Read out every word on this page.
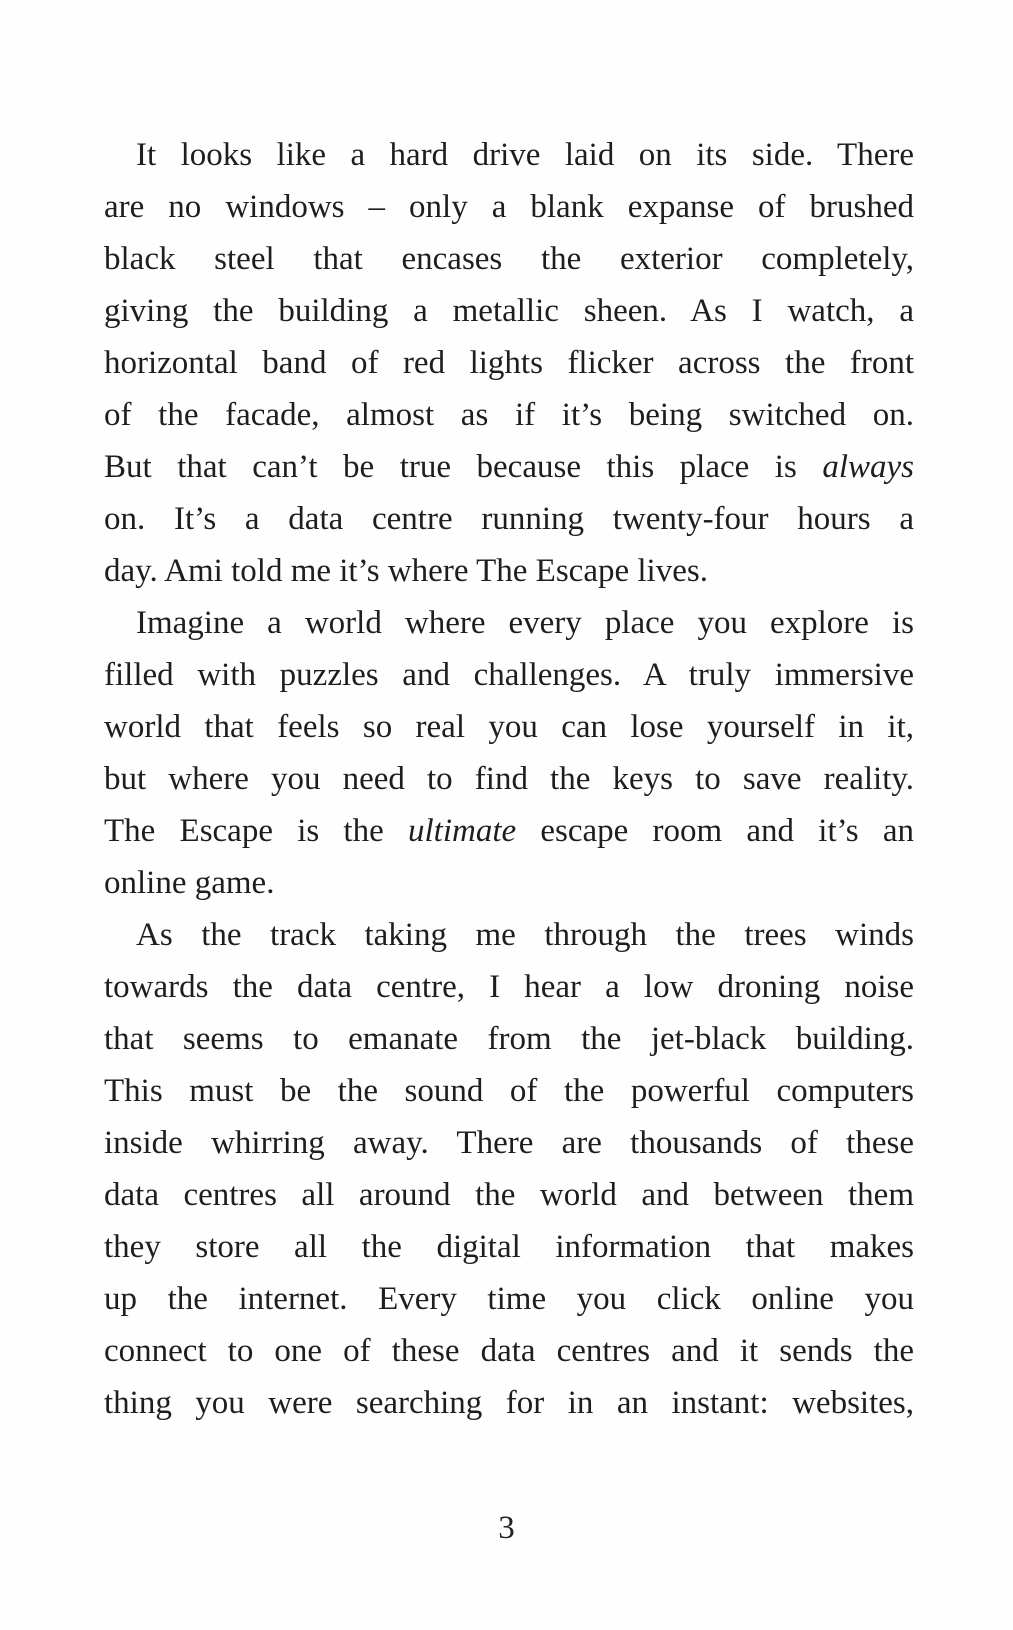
It looks like a hard drive laid on its side. There
are no windows – only a blank expanse of brushed
black steel that encases the exterior completely,
giving the building a metallic sheen. As I watch, a
horizontal band of red lights flicker across the front
of the facade, almost as if it’s being switched on.
But that can’t be true because this place is always
on. It’s a data centre running twenty-four hours a
day. Ami told me it’s where The Escape lives.
Imagine a world where every place you explore is
filled with puzzles and challenges. A truly immersive
world that feels so real you can lose yourself in it,
but where you need to find the keys to save reality.
The Escape is the ultimate escape room and it’s an
online game.
As the track taking me through the trees winds
towards the data centre, I hear a low droning noise
that seems to emanate from the jet-black building.
This must be the sound of the powerful computers
inside whirring away. There are thousands of these
data centres all around the world and between them
they store all the digital information that makes
up the internet. Every time you click online you
connect to one of these data centres and it sends the
thing you were searching for in an instant: websites,
3
